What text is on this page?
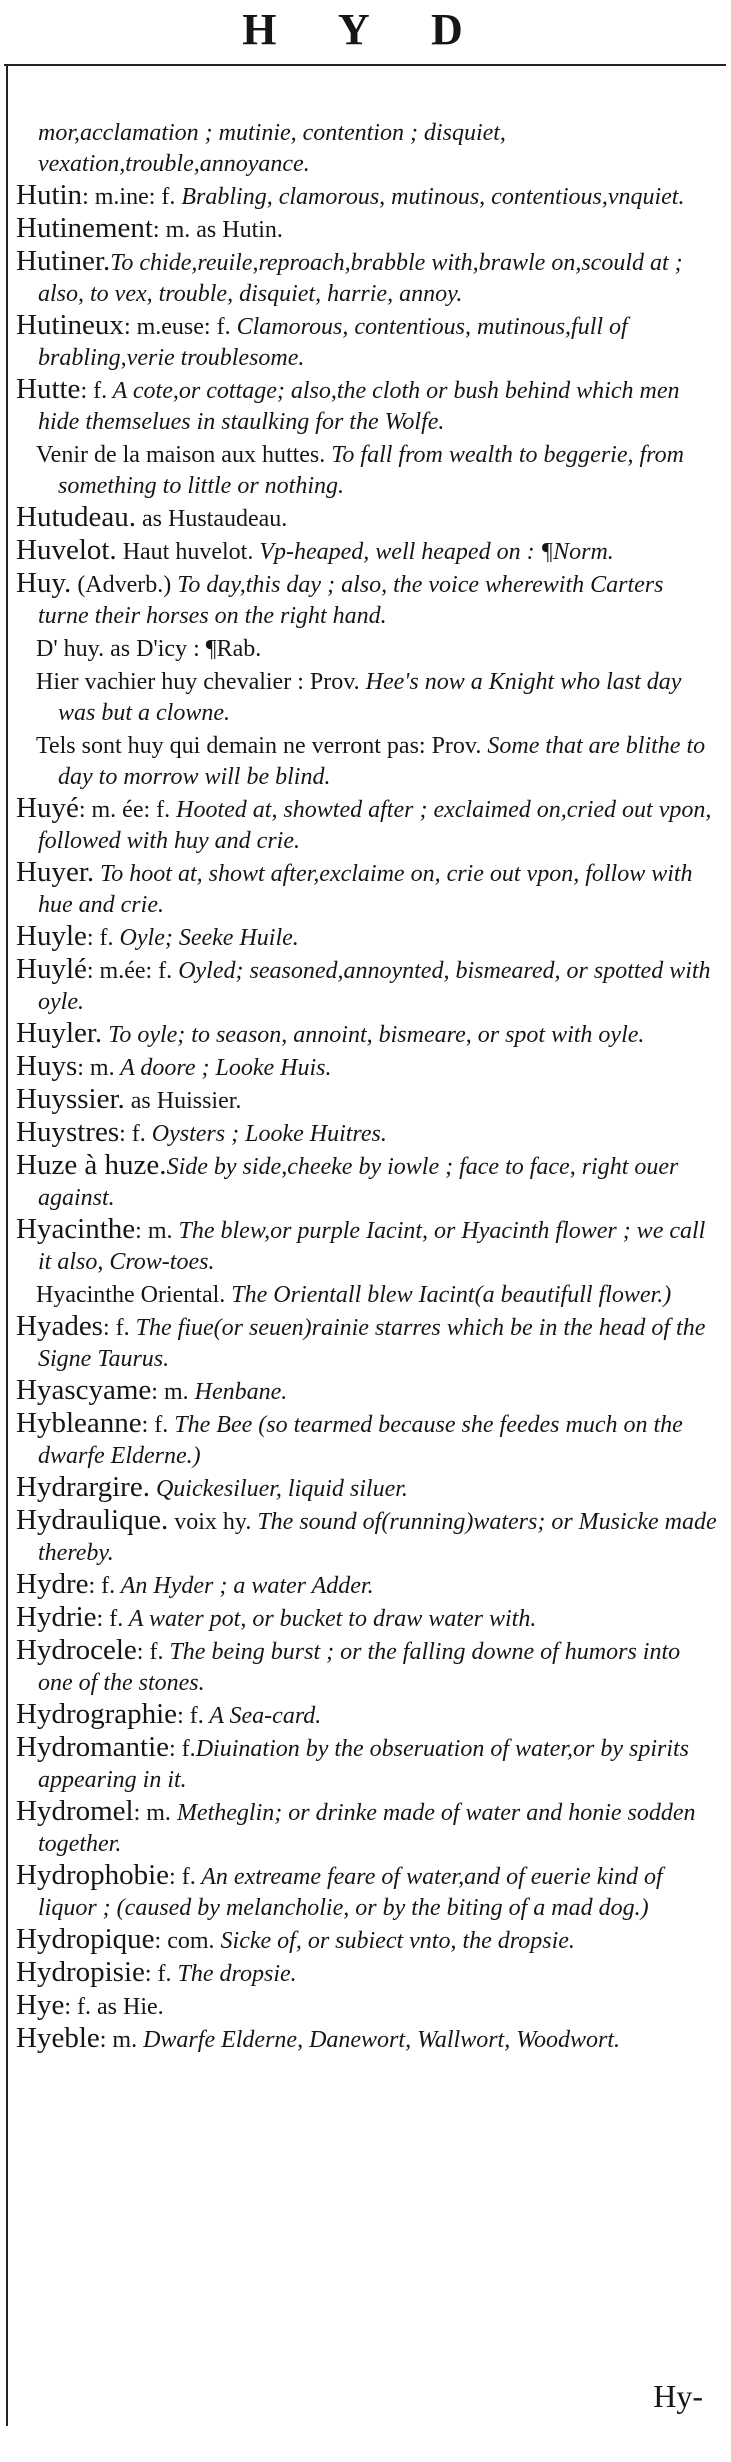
H Y D

mor,acclamation ; mutinie, contention ; disquiet, vexation,trouble,annoyance.

Hutin: m.ine: f. Brabling, clamorous, mutinous, contentious,vnquiet.

Hutinement: m. as Hutin.

Hutiner.To chide,reuile,reproach,brabble with,brawle on,scould at ; also, to vex, trouble, disquiet, harrie, annoy.

Hutineux: m.euse: f. Clamorous, contentious, mutinous,full of brabling,verie troublesome.

Hutte: f. A cote,or cottage; also,the cloth or bush behind which men hide themselues in staulking for the Wolfe.

Venir de la maison aux huttes. To fall from wealth to beggerie, from something to little or nothing.

Hutudeau. as Hustaudeau.

Huvelot. Haut huvelot. Vp-heaped, well heaped on : ¶Norm.

Huy. (Adverb.) To day,this day ; also, the voice wherewith Carters turne their horses on the right hand.

D' huy. as D'icy : ¶Rab.

Hier vachier huy chevalier : Prov. Hee's now a Knight who last day was but a clowne.

Tels sont huy qui demain ne verront pas: Prov. Some that are blithe to day to morrow will be blind.

Huyé: m. ée: f. Hooted at, showted after ; exclaimed on,cried out vpon, followed with huy and crie.

Huyer. To hoot at, showt after,exclaime on, crie out vpon, follow with hue and crie.

Huyle: f. Oyle; Seeke Huile.

Huylé: m.ée: f. Oyled; seasoned,annoynted, bismeared, or spotted with oyle.

Huyler. To oyle; to season, annoint, bismeare, or spot with oyle.

Huys: m. A doore ; Looke Huis.

Huyssier. as Huissier.

Huystres: f. Oysters ; Looke Huitres.

Huze à huze.Side by side,cheeke by iowle ; face to face, right ouer against.

Hyacinthe: m. The blew,or purple Iacint, or Hyacinth flower ; we call it also, Crow-toes.

Hyacinthe Oriental. The Orientall blew Iacint(a beautifull flower.)

Hyades: f. The fiue(or seuen)rainie starres which be in the head of the Signe Taurus.

Hyascyame: m. Henbane.

Hybleanne: f. The Bee (so tearmed because she feedes much on the dwarfe Elderne.)

Hydrargire. Quickesiluer, liquid siluer.

Hydraulique. voix hy. The sound of(running)waters; or Musicke made thereby.

Hydre: f. An Hyder ; a water Adder.

Hydrie: f. A water pot, or bucket to draw water with.

Hydrocele: f. The being burst ; or the falling downe of humors into one of the stones.

Hydrographie: f. A Sea-card.

Hydromantie: f.Diuination by the obseruation of water,or by spirits appearing in it.

Hydromel: m. Metheglin; or drinke made of water and honie sodden together.

Hydrophobie: f. An extreame feare of water,and of euerie kind of liquor ; (caused by melancholie, or by the biting of a mad dog.)

Hydropique: com. Sicke of, or subiect vnto, the dropsie.

Hydropisie: f. The dropsie.

Hye: f. as Hie.

Hyeble: m. Dwarfe Elderne, Danewort, Wallwort, Woodwort.

Hy-
